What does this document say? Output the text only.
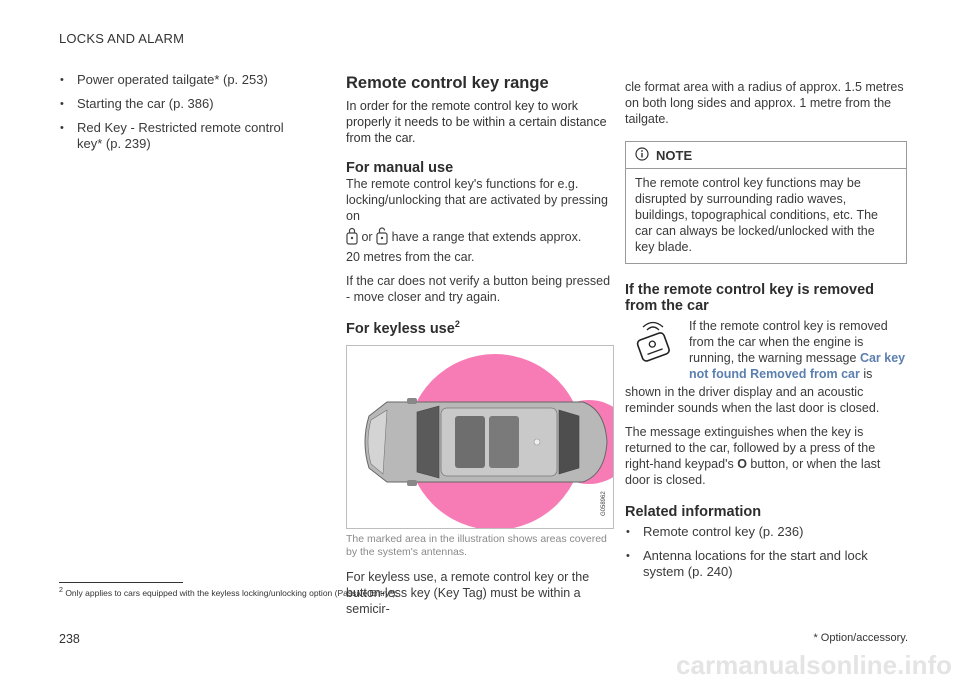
LOCKS AND ALARM
• Power operated tailgate* (p. 253)
• Starting the car (p. 386)
• Red Key - Restricted remote control key* (p. 239)
Remote control key range

In order for the remote control key to work properly it needs to be within a certain distance from the car.

For manual use

The remote control key's functions for e.g. locking/unlocking that are activated by pressing on

or have a range that extends approx.

20 metres from the car.

If the car does not verify a button being pressed - move closer and try again.

For keyless use$^2$
G058962
The marked area in the illustration shows areas covered by the system's antennas.

For keyless use, a remote control key or the button-less key (Key Tag) must be within a semicir-

cle format area with a radius of approx. 1.5 metres on both long sides and approx. 1 metre from the tailgate.

NOTE
The remote control key functions may be disrupted by surrounding radio waves, buildings, topographical conditions, etc. The car can always be locked/unlocked with the key blade.
If the remote control key is removed from the car

If the remote control key is removed from the car when the engine is running, the warning message Car key not found Removed from car is

shown in the driver display and an acoustic reminder sounds when the last door is closed.

The message extinguishes when the key is returned to the car, followed by a press of the right-hand keypad's O button, or when the last door is closed.

Related information
• Remote control key (p. 236)
• Antenna locations for the start and lock system (p. 240)
$^2$ Only applies to cars equipped with the keyless locking/unlocking option (Passive Entry*).
238	* Option/accessory.
carmanualsonline.info
